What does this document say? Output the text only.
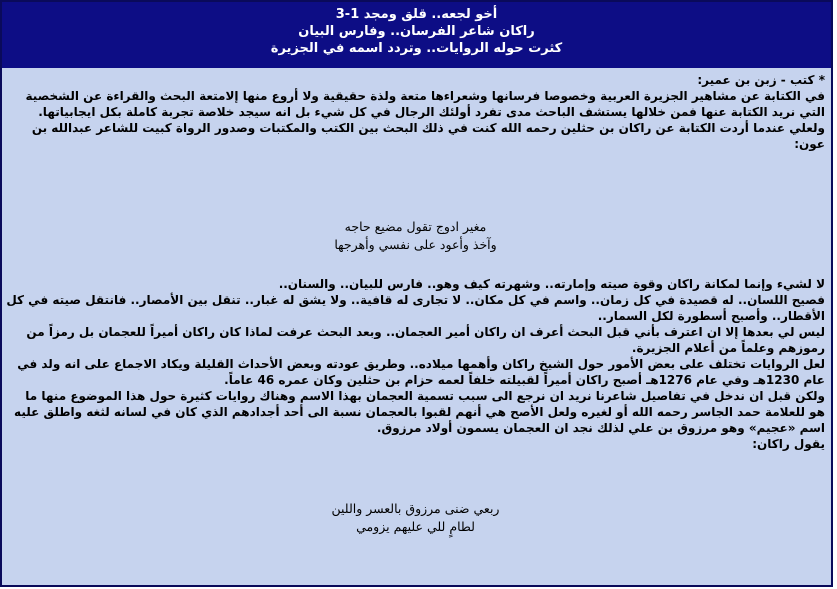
أخو لجعه.. قلق ومجد 1-3
راكان شاعر الفرسان.. وفارس البيان
كثرت حوله الروايات.. وتردد اسمه في الجزيرة

* كتب - زبن بن عمير:

في الكتابة عن مشاهير الجزيرة العربية وخصوصا فرسانها وشعراءها متعة ولذة حقيقية ولا أروع منها إلامتعة البحث والقراءة عن الشخصية التي نريد الكتابة عنها فمن خلالها يستشف الباحث مدى تفرد أولئك الرجال في كل شيء بل انه سيجد خلاصة تجربة كاملة بكل ايجابياتها.

ولعلي عندما أردت الكتابة عن راكان بن حثلين رحمه الله كنت في ذلك البحث بين الكتب والمكتبات وصدور الرواة كبيت للشاعر عبدالله بن عون:

مغير ادوج تقول مضيع حاجه
وآخذ وأعود على نفسي وأهرجها

لا لشيء وإنما لمكانة راكان وقوة صيته وإمارته.. وشهرته كيف وهو.. فارس للبيان.. والسنان..

فصيح اللسان.. له قصيدة في كل زمان.. واسم في كل مكان.. لا تجارى له قافية.. ولا يشق له غبار.. تنقل بين الأمصار.. فانتقل صيته في كل الأقطار.. وأصبح أسطورة لكل السمار..

ليس لي بعدها إلا ان اعترف بأني قبل البحث أعرف ان راكان أمير العجمان.. وبعد البحث عرفت لماذا كان راكان أميراً للعجمان بل رمزاً من رموزهم وعلماً من أعلام الجزيرة.

لعل الروايات تختلف على بعض الأمور حول الشيخ راكان وأهمها ميلاده.. وطريق عودته وبعض الأحداث القليلة ويكاد الاجماع على انه ولد في عام 1230هـ وفي عام 1276هـ أصبح راكان أميراً لقبيلته خلفاً لعمه حزام بن حثلين وكان عمره 46 عاماً.

ولكن قبل ان ندخل في تفاصيل شاعرنا نريد ان نرجع الى سبب تسمية العجمان بهذا الاسم وهناك روايات كثيرة حول هذا الموضوع منها ما هو للعلامة حمد الجاسر رحمه الله أو لغيره ولعل الأصح هي أنهم لقبوا بالعجمان نسبة الى أحد أجدادهم الذي كان في لسانه لثغه واطلق عليه اسم «عجيم» وهو مرزوق بن علي لذلك نجد ان العجمان يسمون أولاد مرزوق.

يقول راكان:

ربعي ضنى مرزوق بالعسر واللين
لطامٍ للي عليهم يزومي
